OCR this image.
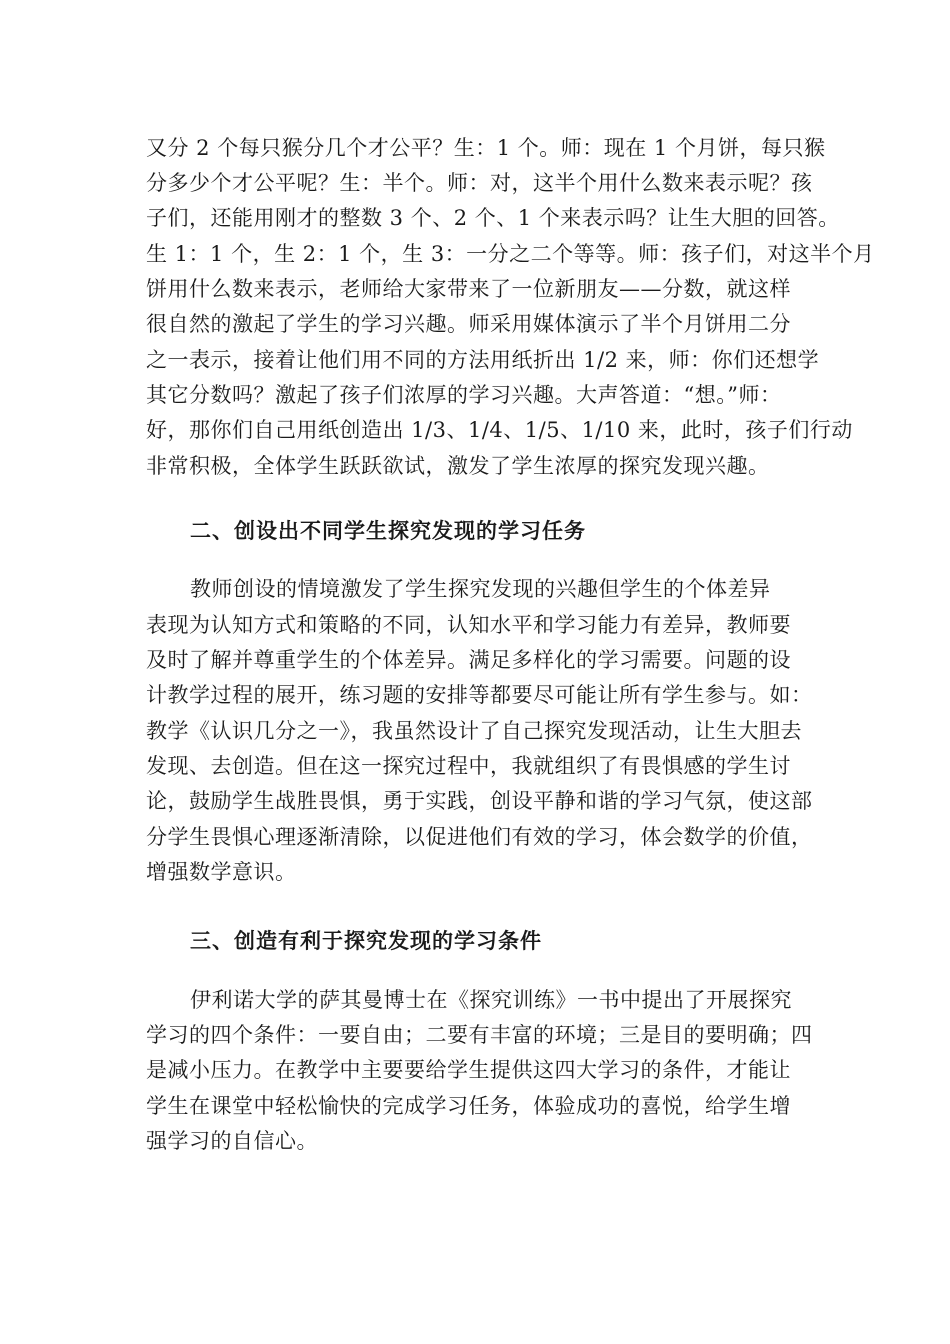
又分 2 个每只猴分几个才公平？生：1 个。师：现在 1 个月饼，每只猴
分多少个才公平呢？生：半个。师：对，这半个用什么数来表示呢？孩
子们，还能用刚才的整数 3 个、2 个、1 个来表示吗？让生大胆的回答。
生 1：1 个，生 2：1 个，生 3：一分之二个等等。师：孩子们，对这半个月
饼用什么数来表示，老师给大家带来了一位新朋友——分数，就这样
很自然的激起了学生的学习兴趣。师采用媒体演示了半个月饼用二分
之一表示，接着让他们用不同的方法用纸折出 1/2 来，师：你们还想学
其它分数吗？激起了孩子们浓厚的学习兴趣。大声答道：“想。”师：
好，那你们自己用纸创造出 1/3、1/4、1/5、1/10 来，此时，孩子们行动
非常积极，全体学生跃跃欲试，激发了学生浓厚的探究发现兴趣。
二、创设出不同学生探究发现的学习任务
教师创设的情境激发了学生探究发现的兴趣但学生的个体差异
表现为认知方式和策略的不同，认知水平和学习能力有差异，教师要
及时了解并尊重学生的个体差异。满足多样化的学习需要。问题的设
计教学过程的展开，练习题的安排等都要尽可能让所有学生参与。如：
教学《认识几分之一》，我虽然设计了自己探究发现活动，让生大胆去
发现、去创造。但在这一探究过程中，我就组织了有畏惧感的学生讨
论，鼓励学生战胜畏惧，勇于实践，创设平静和谐的学习气氛，使这部
分学生畏惧心理逐渐清除，以促进他们有效的学习，体会数学的价值，
增强数学意识。
三、创造有利于探究发现的学习条件
伊利诺大学的萨其曼博士在《探究训练》一书中提出了开展探究
学习的四个条件：一要自由；二要有丰富的环境；三是目的要明确；四
是减小压力。在教学中主要要给学生提供这四大学习的条件，才能让
学生在课堂中轻松愉快的完成学习任务，体验成功的喜悦，给学生增
强学习的自信心。
